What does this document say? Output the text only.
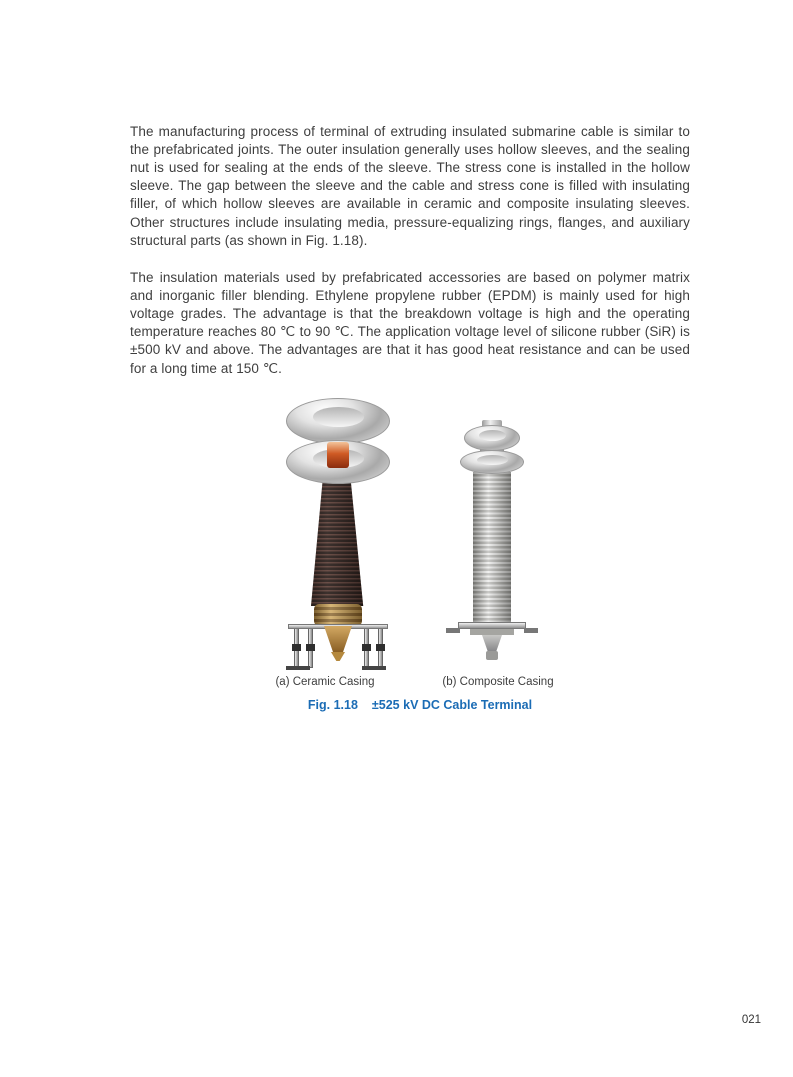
The manufacturing process of terminal of extruding insulated submarine cable is similar to the prefabricated joints. The outer insulation generally uses hollow sleeves, and the sealing nut is used for sealing at the ends of the sleeve. The stress cone is installed in the hollow sleeve. The gap between the sleeve and the cable and stress cone is filled with insulating filler, of which hollow sleeves are available in ceramic and composite insulating sleeves. Other structures include insulating media, pressure-equalizing rings, flanges, and auxiliary structural parts (as shown in Fig. 1.18).

The insulation materials used by prefabricated accessories are based on polymer matrix and inorganic filler blending. Ethylene propylene rubber (EPDM) is mainly used for high voltage grades. The advantage is that the breakdown voltage is high and the operating temperature reaches 80 ℃ to 90 ℃. The application voltage level of silicone rubber (SiR) is ±500 kV and above. The advantages are that it has good heat resistance and can be used for a long time at 150 ℃.

(a) Ceramic Casing	(b) Composite Casing
Fig. 1.18 ±525 kV DC Cable Terminal
021
